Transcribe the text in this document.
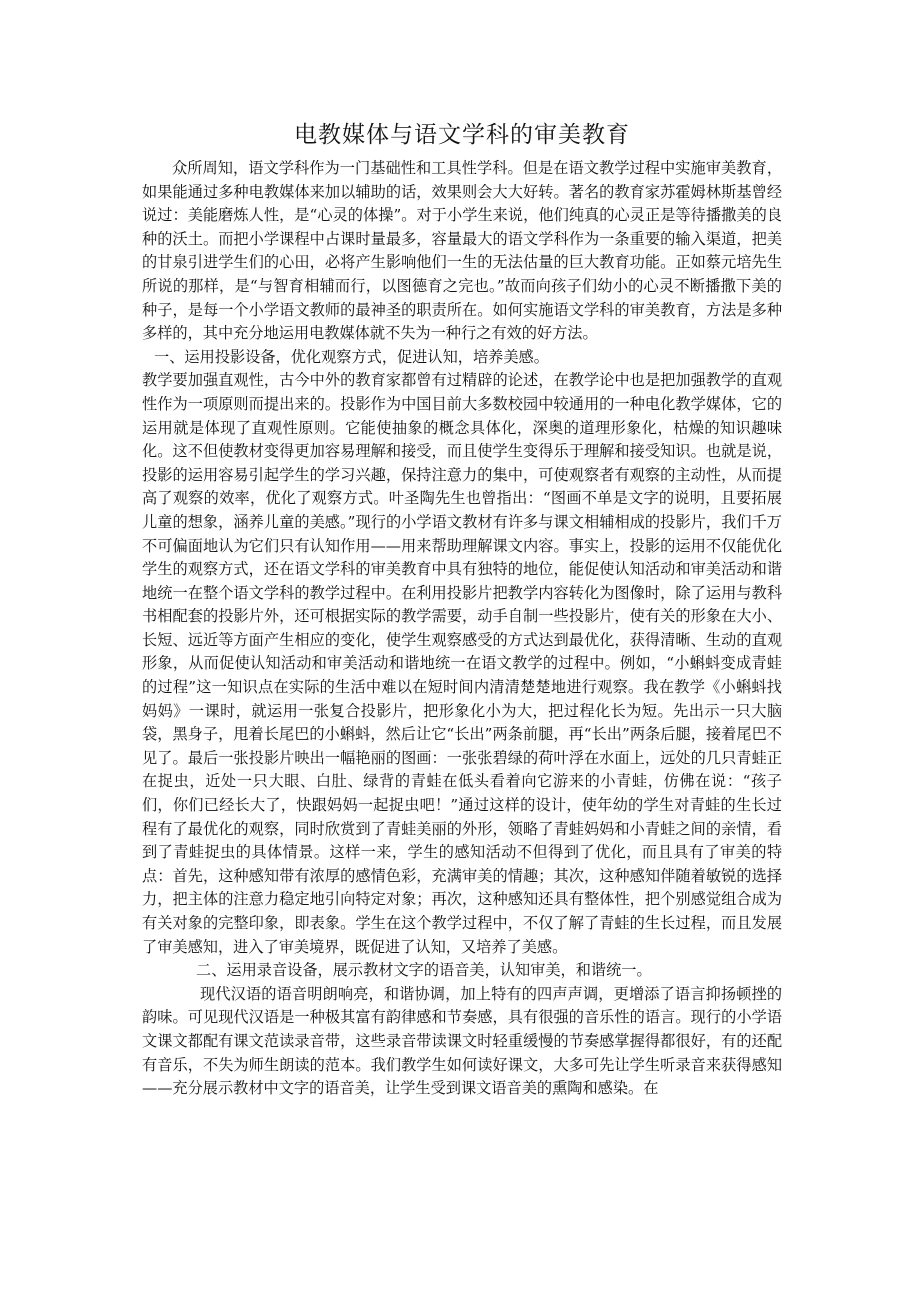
电教媒体与语文学科的审美教育

众所周知，语文学科作为一门基础性和工具性学科。但是在语文教学过程中实施审美教育，如果能通过多种电教媒体来加以辅助的话，效果则会大大好转。著名的教育家苏霍姆林斯基曾经说过：美能磨炼人性，是“心灵的体操”。对于小学生来说，他们纯真的心灵正是等待播撒美的良种的沃土。而把小学课程中占课时量最多，容量最大的语文学科作为一条重要的输入渠道，把美的甘泉引进学生们的心田，必将产生影响他们一生的无法估量的巨大教育功能。正如蔡元培先生所说的那样，是“与智育相辅而行，以图德育之完也。”故而向孩子们幼小的心灵不断播撒下美的种子，是每一个小学语文教师的最神圣的职责所在。如何实施语文学科的审美教育，方法是多种多样的，其中充分地运用电教媒体就不失为一种行之有效的好方法。

一、运用投影设备，优化观察方式，促进认知，培养美感。

教学要加强直观性，古今中外的教育家都曾有过精辟的论述，在教学论中也是把加强教学的直观性作为一项原则而提出来的。投影作为中国目前大多数校园中较通用的一种电化教学媒体，它的运用就是体现了直观性原则。它能使抽象的概念具体化，深奥的道理形象化，枯燥的知识趣味化。这不但使教材变得更加容易理解和接受，而且使学生变得乐于理解和接受知识。也就是说，投影的运用容易引起学生的学习兴趣，保持注意力的集中，可使观察者有观察的主动性，从而提高了观察的效率，优化了观察方式。叶圣陶先生也曾指出：“图画不单是文字的说明，且要拓展儿童的想象，涵养儿童的美感。”现行的小学语文教材有许多与课文相辅相成的投影片，我们千万不可偏面地认为它们只有认知作用——用来帮助理解课文内容。事实上，投影的运用不仅能优化学生的观察方式，还在语文学科的审美教育中具有独特的地位，能促使认知活动和审美活动和谐地统一在整个语文学科的教学过程中。在利用投影片把教学内容转化为图像时，除了运用与教科书相配套的投影片外，还可根据实际的教学需要，动手自制一些投影片，使有关的形象在大小、长短、远近等方面产生相应的变化，使学生观察感受的方式达到最优化，获得清晰、生动的直观形象，从而促使认知活动和审美活动和谐地统一在语文教学的过程中。例如，“小蝌蚪变成青蛙的过程”这一知识点在实际的生活中难以在短时间内清清楚楚地进行观察。我在教学《小蝌蚪找妈妈》一课时，就运用一张复合投影片，把形象化小为大，把过程化长为短。先出示一只大脑袋，黑身子，甩着长尾巴的小蝌蚪，然后让它“长出”两条前腿，再“长出”两条后腿，接着尾巴不见了。最后一张投影片映出一幅艳丽的图画：一张张碧绿的荷叶浮在水面上，远处的几只青蛙正在捉虫，近处一只大眼、白肚、绿背的青蛙在低头看着向它游来的小青蛙，仿佛在说：“孩子们，你们已经长大了，快跟妈妈一起捉虫吧！”通过这样的设计，使年幼的学生对青蛙的生长过程有了最优化的观察，同时欣赏到了青蛙美丽的外形，领略了青蛙妈妈和小青蛙之间的亲情，看到了青蛙捉虫的具体情景。这样一来，学生的感知活动不但得到了优化，而且具有了审美的特点：首先，这种感知带有浓厚的感情色彩，充满审美的情趣；其次，这种感知伴随着敏锐的选择力，把主体的注意力稳定地引向特定对象；再次，这种感知还具有整体性，把个别感觉组合成为有关对象的完整印象，即表象。学生在这个教学过程中，不仅了解了青蛙的生长过程，而且发展了审美感知，进入了审美境界，既促进了认知，又培养了美感。

二、运用录音设备，展示教材文字的语音美，认知审美，和谐统一。

现代汉语的语音明朗响亮，和谐协调，加上特有的四声声调，更增添了语言抑扬顿挫的韵味。可见现代汉语是一种极其富有韵律感和节奏感，具有很强的音乐性的语言。现行的小学语文课文都配有课文范读录音带，这些录音带读课文时轻重缓慢的节奏感掌握得都很好，有的还配有音乐，不失为师生朗读的范本。我们教学生如何读好课文，大多可先让学生听录音来获得感知——充分展示教材中文字的语音美，让学生受到课文语音美的熏陶和感染。在
